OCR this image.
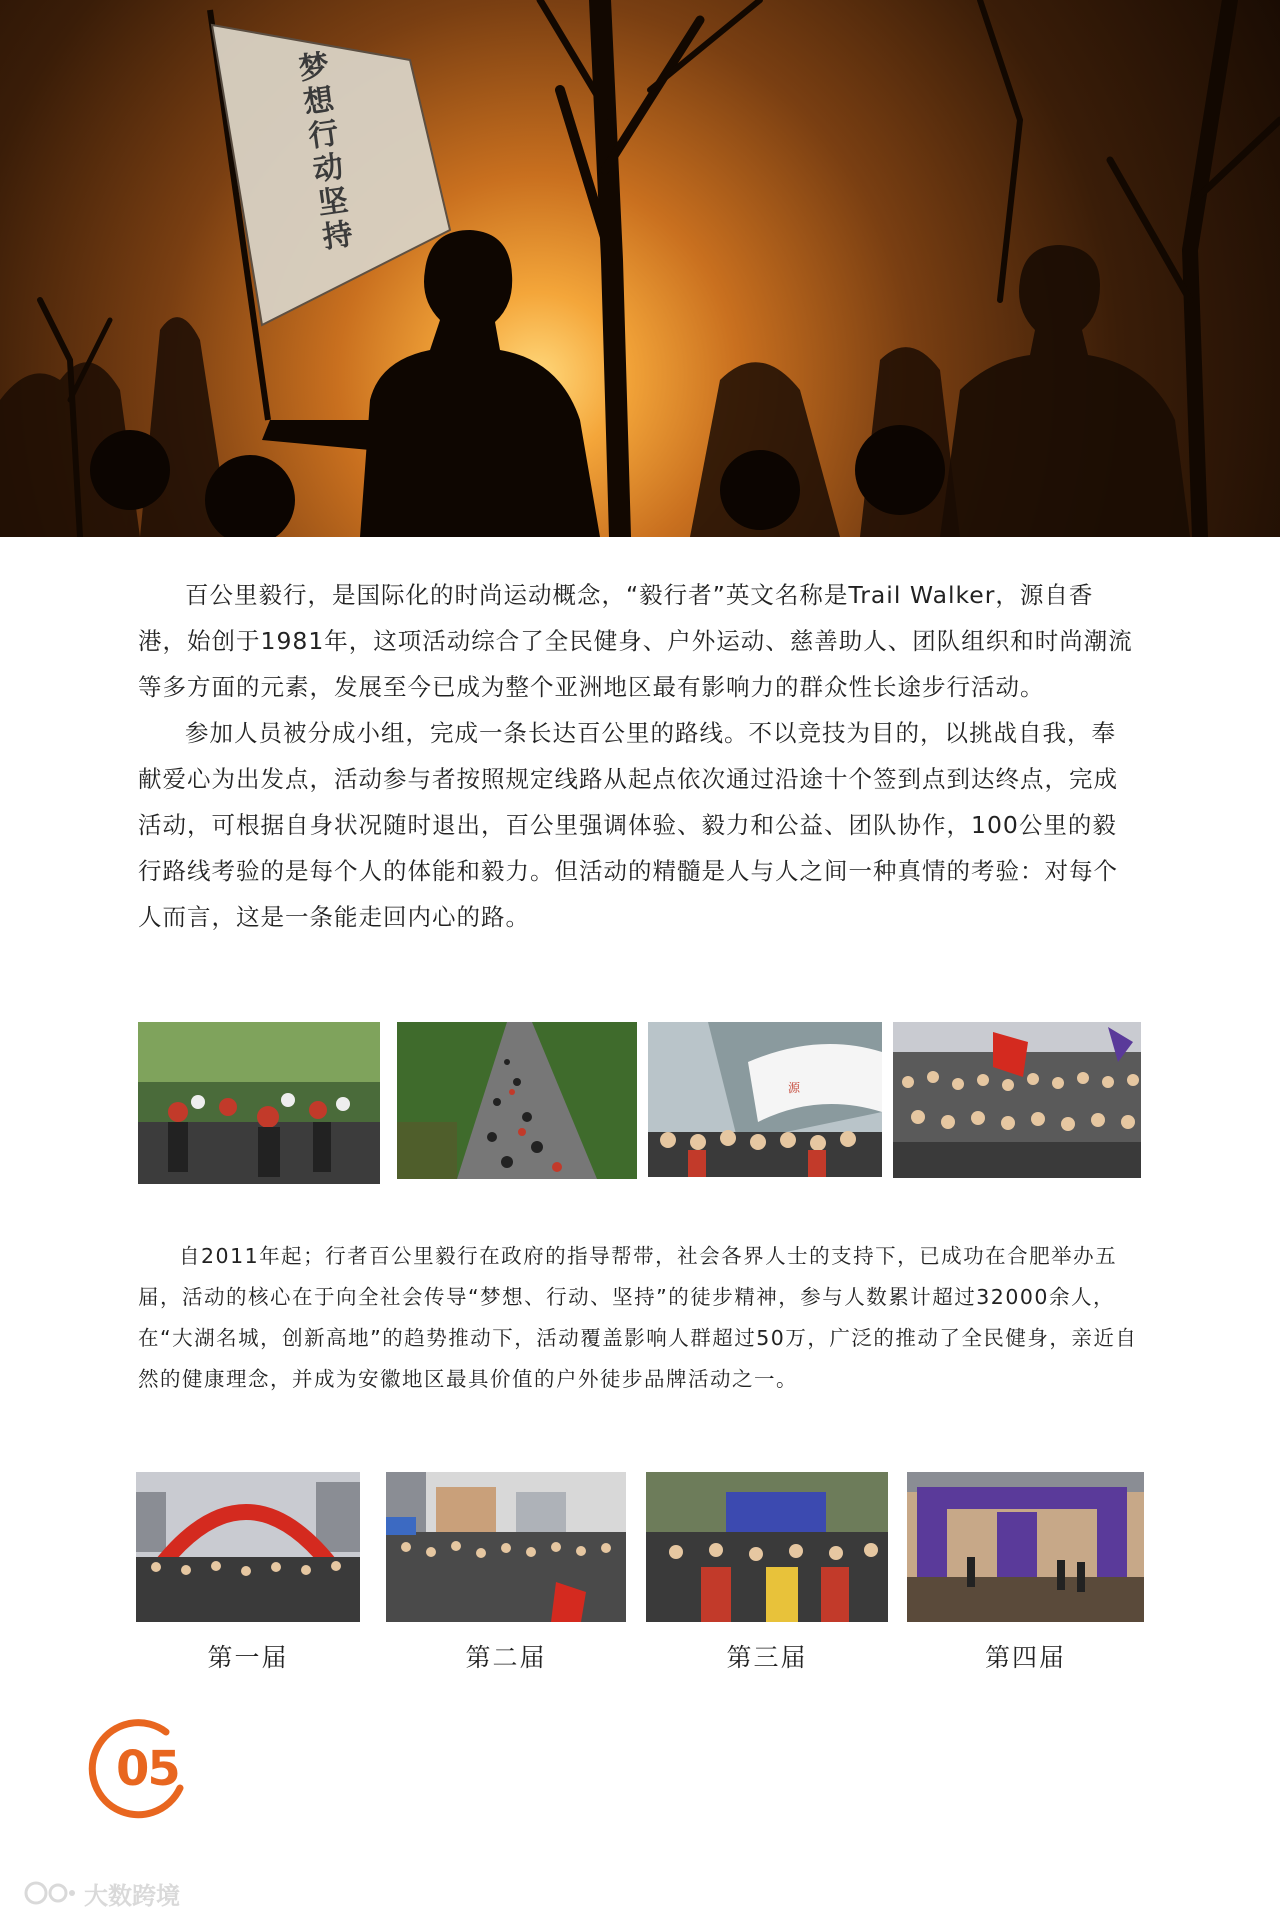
梦想行动坚持

百公里毅行，是国际化的时尚运动概念，“毅行者”英文名称是Trail Walker，源自香港，始创于1981年，这项活动综合了全民健身、户外运动、慈善助人、团队组织和时尚潮流等多方面的元素，发展至今已成为整个亚洲地区最有影响力的群众性长途步行活动。

参加人员被分成小组，完成一条长达百公里的路线。不以竞技为目的，以挑战自我，奉献爱心为出发点，活动参与者按照规定线路从起点依次通过沿途十个签到点到达终点，完成活动，可根据自身状况随时退出，百公里强调体验、毅力和公益、团队协作，100公里的毅行路线考验的是每个人的体能和毅力。但活动的精髓是人与人之间一种真情的考验：对每个人而言，这是一条能走回内心的路。

源

自2011年起；行者百公里毅行在政府的指导帮带，社会各界人士的支持下，已成功在合肥举办五届，活动的核心在于向全社会传导“梦想、行动、坚持”的徒步精神，参与人数累计超过32000余人，在“大湖名城，创新高地”的趋势推动下，活动覆盖影响人群超过50万，广泛的推动了全民健身，亲近自然的健康理念，并成为安徽地区最具价值的户外徒步品牌活动之一。

第一届	第二届	第三届	第四届
05
大数跨境
